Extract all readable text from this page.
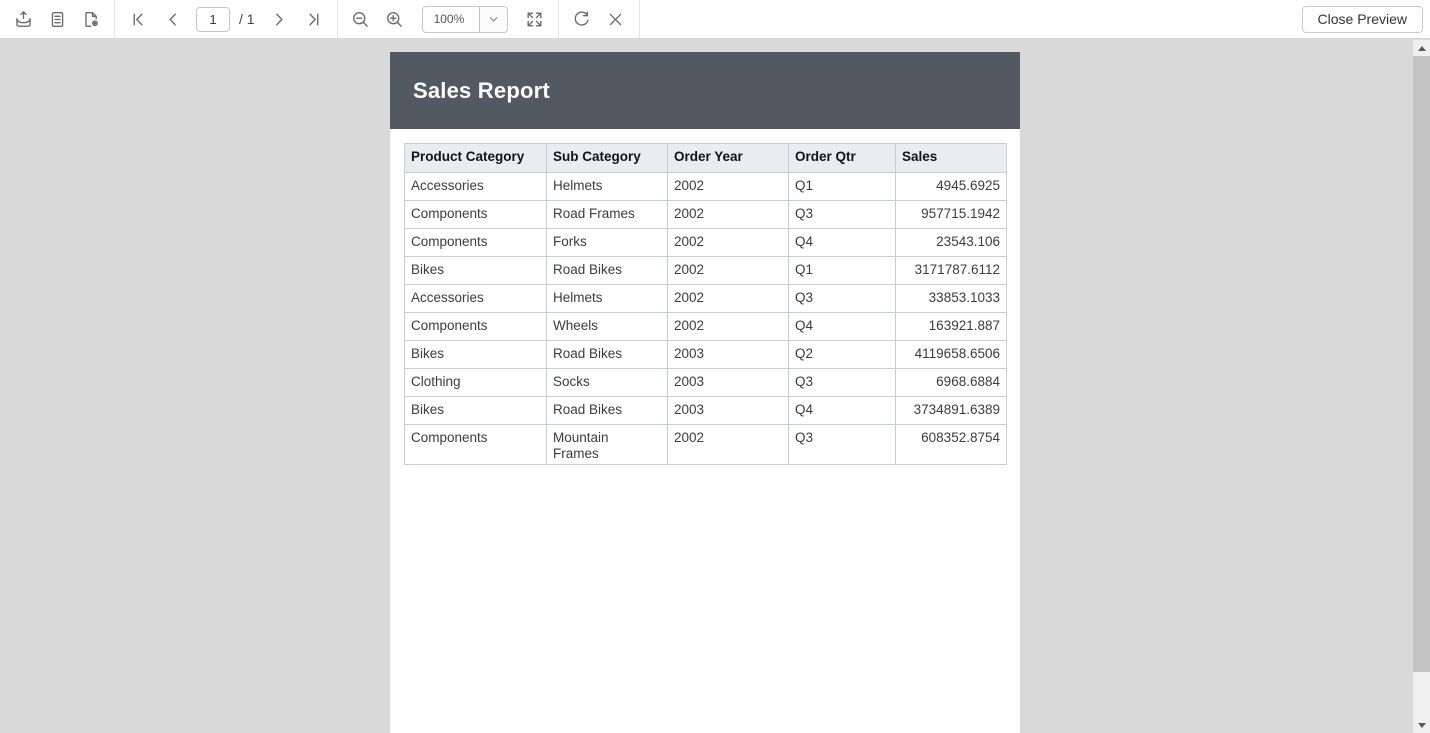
1
/ 1	100%	Close Preview
Sales Report
Product Category	Sub Category	Order Year	Order Qtr	Sales
Accessories	Helmets	2002	Q1	4945.6925
Components	Road Frames	2002	Q3	957715.1942
Components	Forks	2002	Q4	23543.106
Bikes	Road Bikes	2002	Q1	3171787.6112
Accessories	Helmets	2002	Q3	33853.1033
Components	Wheels	2002	Q4	163921.887
Bikes	Road Bikes	2003	Q2	4119658.6506
Clothing	Socks	2003	Q3	6968.6884
Bikes	Road Bikes	2003	Q4	3734891.6389
Components	Mountain Frames	2002	Q3	608352.8754
